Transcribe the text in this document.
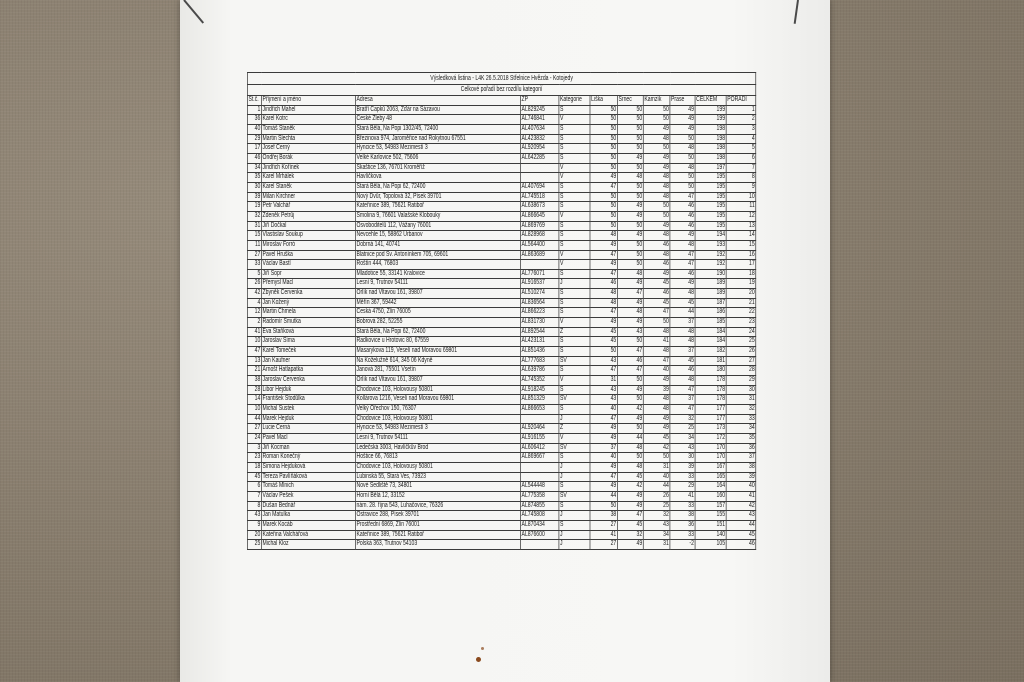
Výsledková listina - L4K 26.5.2018 Střelnice Hvězda - Kotojedy										
Celkové pořadí bez rozdílu kategorií										
St.č.	Příjmení a jméno	Adresa	ZP	Kategorie	Liška	Srnec	Kamzík	Prase	CELKEM	POŘADÍ
1	Jindřich Mahel	Bratří Čapků 2063, Žďár na Sázavou	AL829245	S	50	50	50	49	199	1
36	Karel Kotrc	České Žleby 48	AL746841	V	50	50	50	49	199	2
40	Tomáš Staněk	Stará Bělá, Na Popi 1302/45, 72400	AL407634	S	50	50	49	49	198	3
29	Martin Šlechta	Březinova 974, Jaroměřice nad Rokytnou 67551	AL423832	S	50	50	48	50	198	4
17	Josef Černý	Hyncice 53, 54983 Mezimestí 3	AL920954	S	50	50	50	48	198	5
46	Ondřej Borák	Velké Karlovice 502, 75606	AL642285	S	50	49	49	50	198	6
34	Jindřich Kořínek	Skaštice 136, 76701 Kroměříž		V	50	50	49	48	197	7
35	Karel Mrhálek	Havlíčkova		V	49	48	48	50	195	8
30	Karel Staněk	Stará Bělá, Na Popi 62, 72400	AL407694	S	47	50	48	50	195	9
39	Milan Kirchner	Nový Dvůr, Topolová 32, Písek 39701	AL745518	S	50	50	48	47	195	10
19	Petr Valchář	Kateřinice 389, 75621 Ratiboř	AL638673	S	50	49	50	46	195	11
32	Zdeněk Petrůj	Smolina 9, 76601 Valašské Klobouky	AL866645	V	50	49	50	46	195	12
31	Jiří Dočkal	Osvoboditelů 112, Vážany 76001	AL869769	S	50	50	49	46	195	13
15	Vlastislav Soukup	Nevcehle 15, 58862 Urbanov	AL828968	S	48	49	48	49	194	14
11	Miroslav Forró	Dobrná 141, 40741	AL564400	S	49	50	46	48	193	15
27	Pavel Hruška	Blatnice pod Sv. Antonínkem 705, 69601	AL863689	V	47	50	48	47	192	16
33	Václav Bastl	Roštín 444, 76803		V	49	50	46	47	192	17
5	Jiří Sopr	Mladotice 55, 33141 Kralovice	AL776071	S	47	48	49	46	190	18
26	Přemysl Macl	Lesní 9, Trutnov 54111	AL916537	J	46	49	45	49	189	19
42	Zbyněk Červenka	Orlík nad Vltavou 161, 39807	AL510274	S	48	47	46	48	189	20
4	Jan Kožený	Měřín 367, 59442	AL836564	S	48	49	45	45	187	21
12	Martin Chmela	Česká 4750, Zlín 76005	AL866223	S	47	48	47	44	186	22
2	Radomír Smutka	Bobrová 282, 52255	AL831730	V	49	49	50	37	185	23
41	Eva Staňková	Stará Bělá, Na Popi 62, 72400	AL892544	Ž	45	43	48	48	184	24
10	Jaroslav Šíma	Radkovice u Hrotovic 80, 67559	AL423131	S	45	50	41	48	184	25
47	Karel Tomeček	Masarykova 119, Veselí nad Moravou 69801	AL851436	S	50	47	48	37	182	26
13	Jan Kaufner	Na Koželužně 614, 345 06 Kdyně	AL777683	SV	43	46	47	45	181	27
21	Arnošt Hatlapatka	Janová 281, 75501 Vsetín	AL639786	S	47	47	40	46	180	28
38	Jaroslav Červenka	Orlík nad Vltavou 161, 39807	AL745352	V	31	50	49	48	178	29
28	Libor Hejduk	Chodovice 103, Holovousy 50801	AL918245	S	43	49	39	47	178	30
14	František Stodůlka	Kollárova 1216, Veselí nad Moravou 69801	AL851329	SV	43	50	48	37	178	31
10	Michal Šustek	Velký Ořechov 150, 76307	AL866653	S	40	42	48	47	177	32
44	Marek Hejduk	Chodovice 103, Holovousy 50801		J	47	49	49	32	177	33
27	Lucie Černá	Hyncice 53, 54983 Mezimestí 3	AL920464	Ž	49	50	49	25	173	34
24	Pavel Macl	Lesní 9, Trutnov 54111	AL916155	V	49	44	45	34	172	35
3	Jiří Kocman	Ledečská 3003, Havlíčkův Brod	AL606412	SV	37	48	42	43	170	36
23	Roman Konečný	Hoštice 66, 76813	AL869667	S	40	50	50	30	170	37
18	Simona Hejduková	Chodovice 103, Holovousy 50801		J	49	48	31	39	167	38
45	Tereza Pavlíňáková	Lubinská 55, Stará Ves, 73923		J	47	45	40	33	165	39
6	Tomáš Mlnich	Nové Sedliště 73, 34801	AL544448	S	49	42	44	29	164	40
7	Václav Pešek	Horní Bělá 12, 33152	AL775358	SV	44	49	26	41	160	41
8	Dušan Bednář	nám. 28. října 543, Luhačovice, 76326	AL874855	S	50	49	25	33	157	42
43	Jan Matulka	Ostravice 288, Písek 39701	AL745808	J	38	47	32	38	155	43
9	Marek Kocáb	Prostřední 6869, Zlín 76001	AL870434	S	27	45	43	36	151	44
20	Kateřina Valchářová	Kateřinice 389, 75621 Ratiboř	AL876600	J	41	32	34	33	140	45
25	Michal Kloz	Polská 363, Trutnov 54103		J	27	49	31	-2	105	46
